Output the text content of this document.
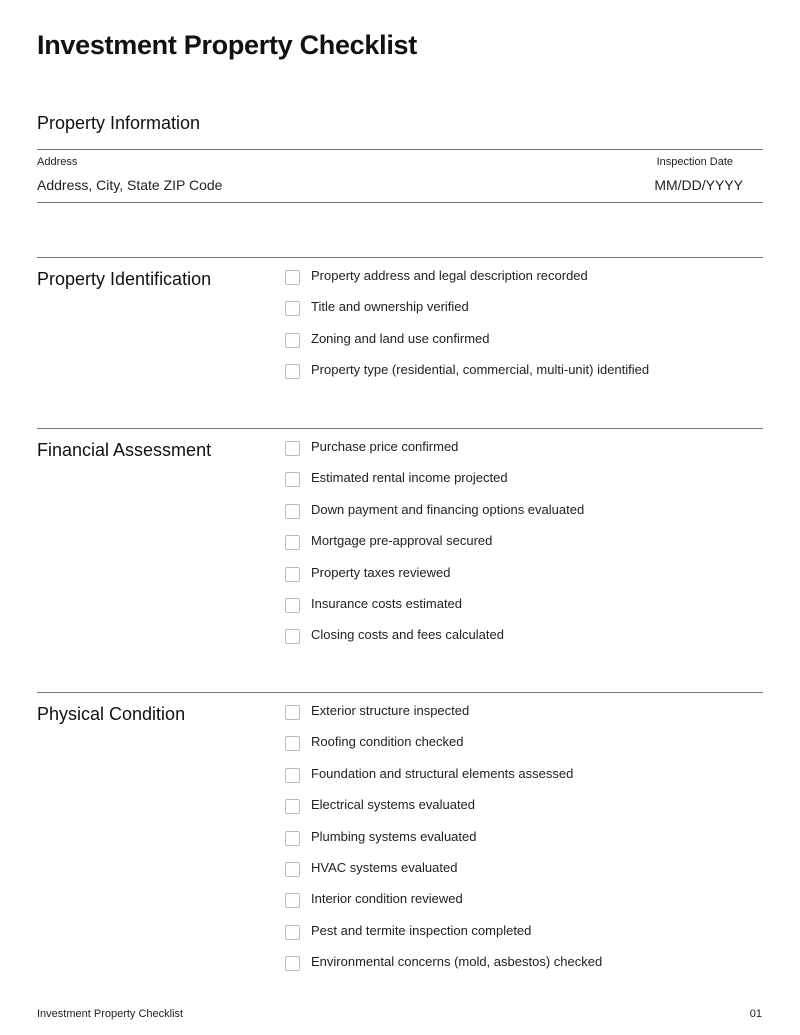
Investment Property Checklist
Property Information
Address
Address, City, State ZIP Code
Inspection Date
MM/DD/YYYY
Property Identification	Property address and legal description recorded
Title and ownership verified
Zoning and land use confirmed
Property type (residential, commercial, multi-unit) identified
Financial Assessment	Purchase price confirmed
Estimated rental income projected
Down payment and financing options evaluated
Mortgage pre-approval secured
Property taxes reviewed
Insurance costs estimated
Closing costs and fees calculated
Physical Condition	Exterior structure inspected
Roofing condition checked
Foundation and structural elements assessed
Electrical systems evaluated
Plumbing systems evaluated
HVAC systems evaluated
Interior condition reviewed
Pest and termite inspection completed
Environmental concerns (mold, asbestos) checked
Investment Property Checklist	01
